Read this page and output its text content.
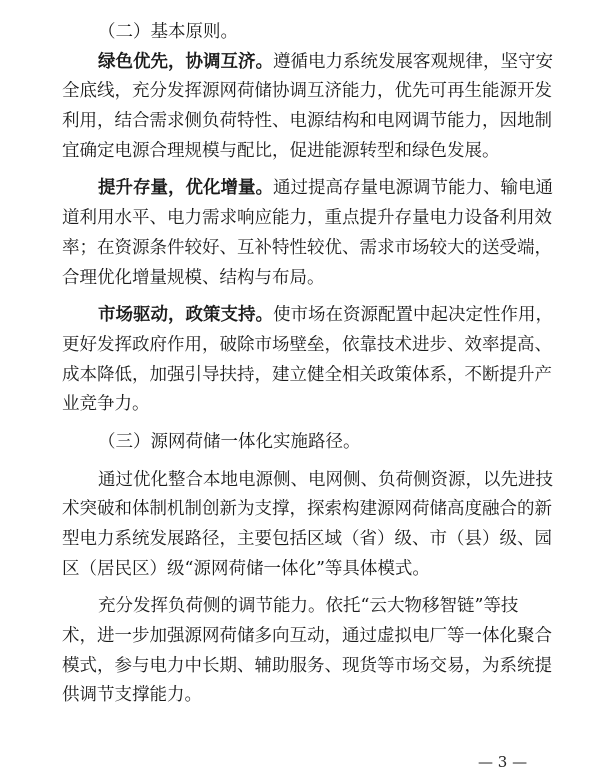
（二）基本原则。
绿色优先，协调互济。遵循电力系统发展客观规律，坚守安
全底线，充分发挥源网荷储协调互济能力，优先可再生能源开发
利用，结合需求侧负荷特性、电源结构和电网调节能力，因地制
宜确定电源合理规模与配比，促进能源转型和绿色发展。
提升存量，优化增量。通过提高存量电源调节能力、输电通
道利用水平、电力需求响应能力，重点提升存量电力设备利用效
率；在资源条件较好、互补特性较优、需求市场较大的送受端，
合理优化增量规模、结构与布局。
市场驱动，政策支持。使市场在资源配置中起决定性作用，
更好发挥政府作用，破除市场壁垒，依靠技术进步、效率提高、
成本降低，加强引导扶持，建立健全相关政策体系，不断提升产
业竞争力。
（三）源网荷储一体化实施路径。
通过优化整合本地电源侧、电网侧、负荷侧资源，以先进技
术突破和体制机制创新为支撑，探索构建源网荷储高度融合的新
型电力系统发展路径，主要包括区域（省）级、市（县）级、园
区（居民区）级“源网荷储一体化”等具体模式。
充分发挥负荷侧的调节能力。依托“云大物移智链”等技
术，进一步加强源网荷储多向互动，通过虚拟电厂等一体化聚合
模式，参与电力中长期、辅助服务、现货等市场交易，为系统提
供调节支撑能力。
— 3 —
